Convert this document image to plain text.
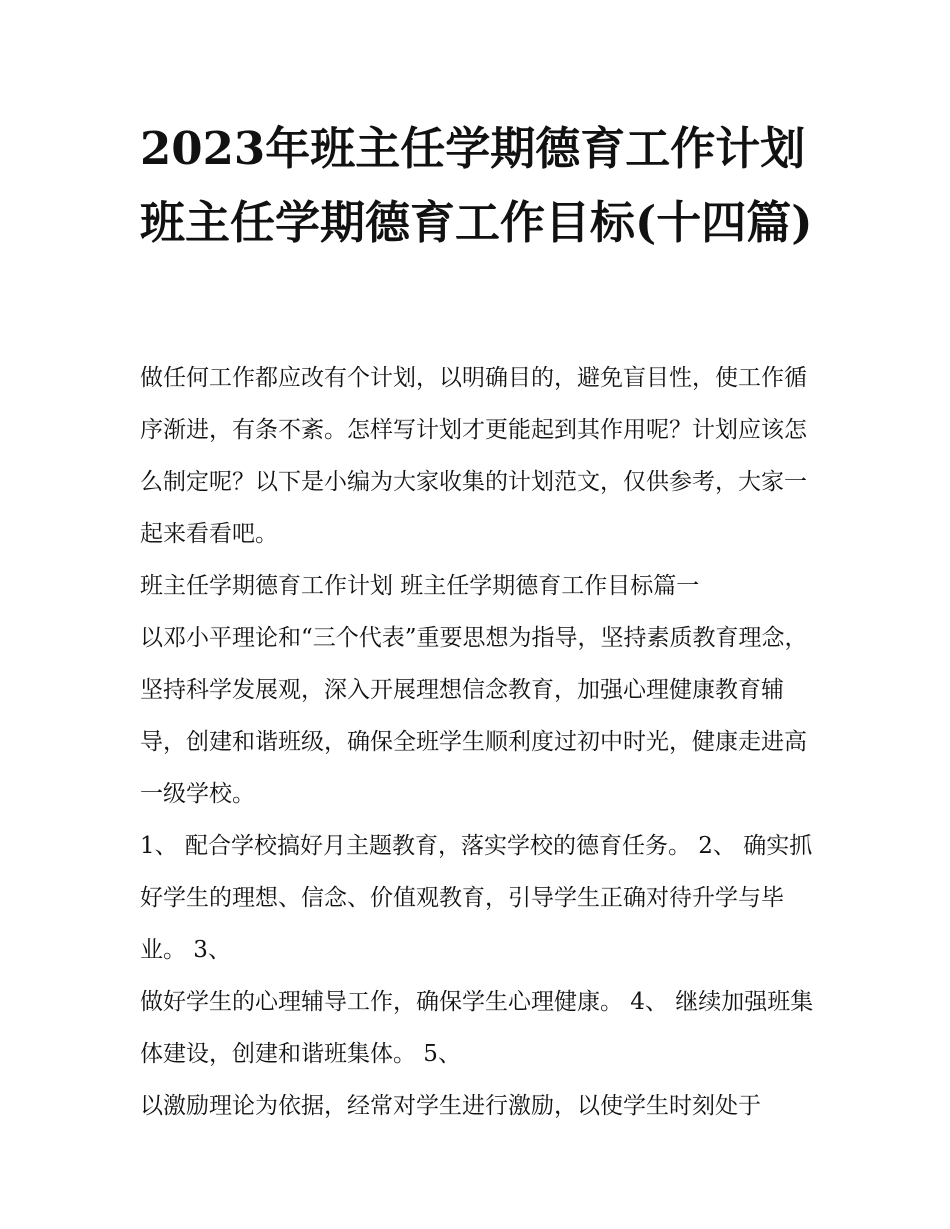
2023年班主任学期德育工作计划 班主任学期德育工作目标(十四篇)

做任何工作都应改有个计划，以明确目的，避免盲目性，使工作循序渐进，有条不紊。怎样写计划才更能起到其作用呢？计划应该怎么制定呢？以下是小编为大家收集的计划范文，仅供参考，大家一起来看看吧。

班主任学期德育工作计划 班主任学期德育工作目标篇一

以邓小平理论和“三个代表”重要思想为指导，坚持素质教育理念，坚持科学发展观，深入开展理想信念教育，加强心理健康教育辅导，创建和谐班级，确保全班学生顺利度过初中时光，健康走进高一级学校。

1、 配合学校搞好月主题教育，落实学校的德育任务。 2、 确实抓好学生的理想、信念、价值观教育，引导学生正确对待升学与毕业。 3、

做好学生的心理辅导工作，确保学生心理健康。 4、 继续加强班集体建设，创建和谐班集体。 5、

以激励理论为依据，经常对学生进行激励，以使学生时刻处于
